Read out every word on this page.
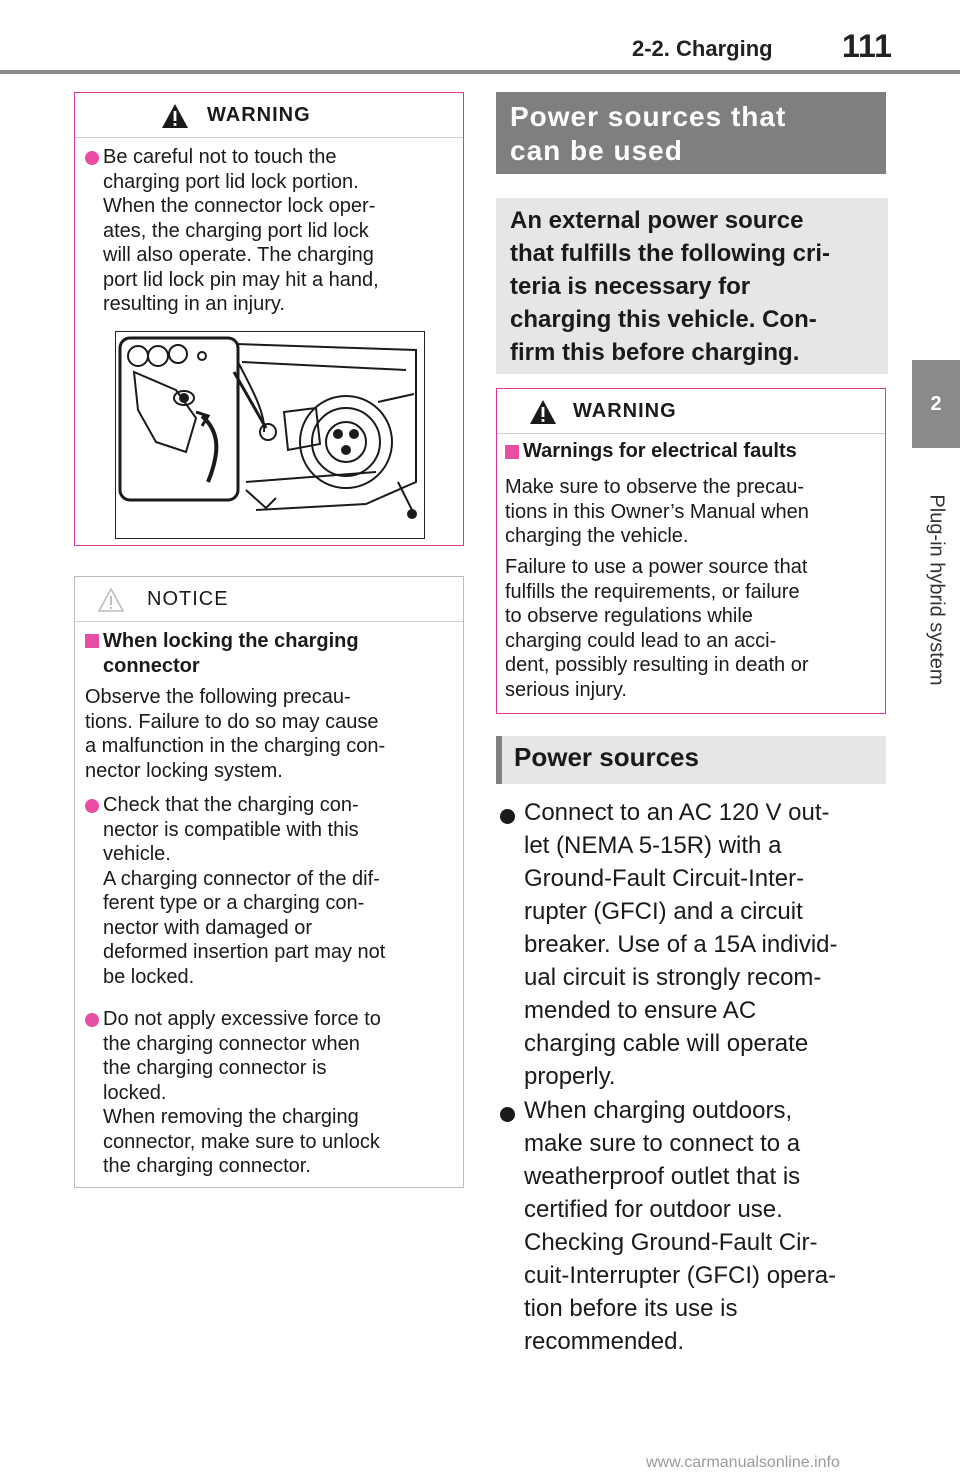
2-2. Charging 111
2
Plug-in hybrid system
WARNING
Be careful not to touch the
charging port lid lock portion.
When the connector lock oper-
ates, the charging port lid lock
will also operate. The charging
port lid lock pin may hit a hand,
resulting in an injury.
NOTICE
When locking the charging
connector
Observe the following precau-
tions. Failure to do so may cause
a malfunction in the charging con-
nector locking system.
Check that the charging con-
nector is compatible with this
vehicle.
A charging connector of the dif-
ferent type or a charging con-
nector with damaged or
deformed insertion part may not
be locked.
Do not apply excessive force to
the charging connector when
the charging connector is
locked.
When removing the charging
connector, make sure to unlock
the charging connector.
Power sources that
can be used
An external power source
that fulfills the following cri-
teria is necessary for
charging this vehicle. Con-
firm this before charging.
WARNING
Warnings for electrical faults
Make sure to observe the precau-
tions in this Owner’s Manual when
charging the vehicle.
Failure to use a power source that
fulfills the requirements, or failure
to observe regulations while
charging could lead to an acci-
dent, possibly resulting in death or
serious injury.
Power sources
Connect to an AC 120 V out-
let (NEMA 5-15R) with a
Ground-Fault Circuit-Inter-
rupter (GFCI) and a circuit
breaker. Use of a 15A individ-
ual circuit is strongly recom-
mended to ensure AC
charging cable will operate
properly.
When charging outdoors,
make sure to connect to a
weatherproof outlet that is
certified for outdoor use.
Checking Ground-Fault Cir-
cuit-Interrupter (GFCI) opera-
tion before its use is
recommended.
www.carmanualsonline.info
